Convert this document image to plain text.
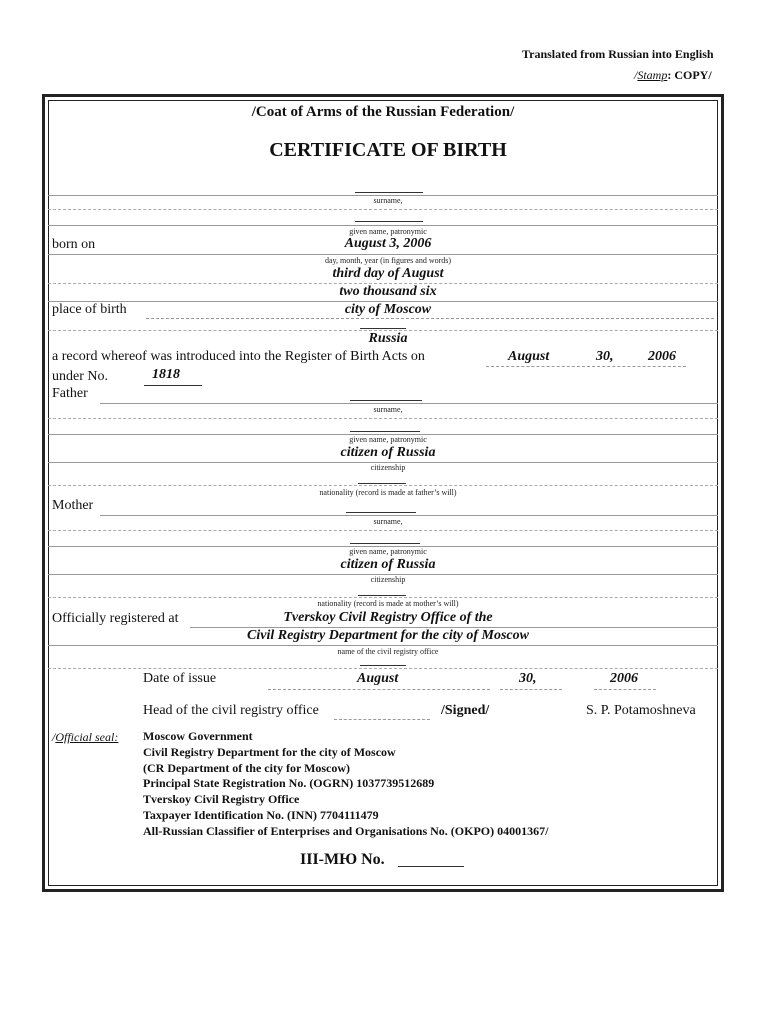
Translated from Russian into English
/Stamp: COPY/
/Coat of Arms of the Russian Federation/
CERTIFICATE OF BIRTH
surname,
given name, patronymic
born on	August 3, 2006
day, month, year (in figures and words)
third day of August
two thousand six
place of birth	city of Moscow
Russia
a record whereof was introduced into the Register of Birth Acts on	August	30, 2006
under No.	1818
Father
surname,
given name, patronymic
citizen of Russia
citizenship
nationality (record is made at father’s will)
Mother
surname,
given name, patronymic
citizen of Russia
citizenship
nationality (record is made at mother’s will)
Officially registered at	Tverskoy Civil Registry Office of the
Civil Registry Department for the city of Moscow
name of the civil registry office
Date of issue	August	30,	2006
Head of the civil registry office	/Signed/	S. P. Potamoshneva
/Official seal: Moscow Government
Civil Registry Department for the city of Moscow
(CR Department of the city for Moscow)
Principal State Registration No. (OGRN) 1037739512689
Tverskoy Civil Registry Office
Taxpayer Identification No. (INN) 7704111479
All-Russian Classifier of Enterprises and Organisations No. (OKPO) 04001367/
III-МЮ No.
